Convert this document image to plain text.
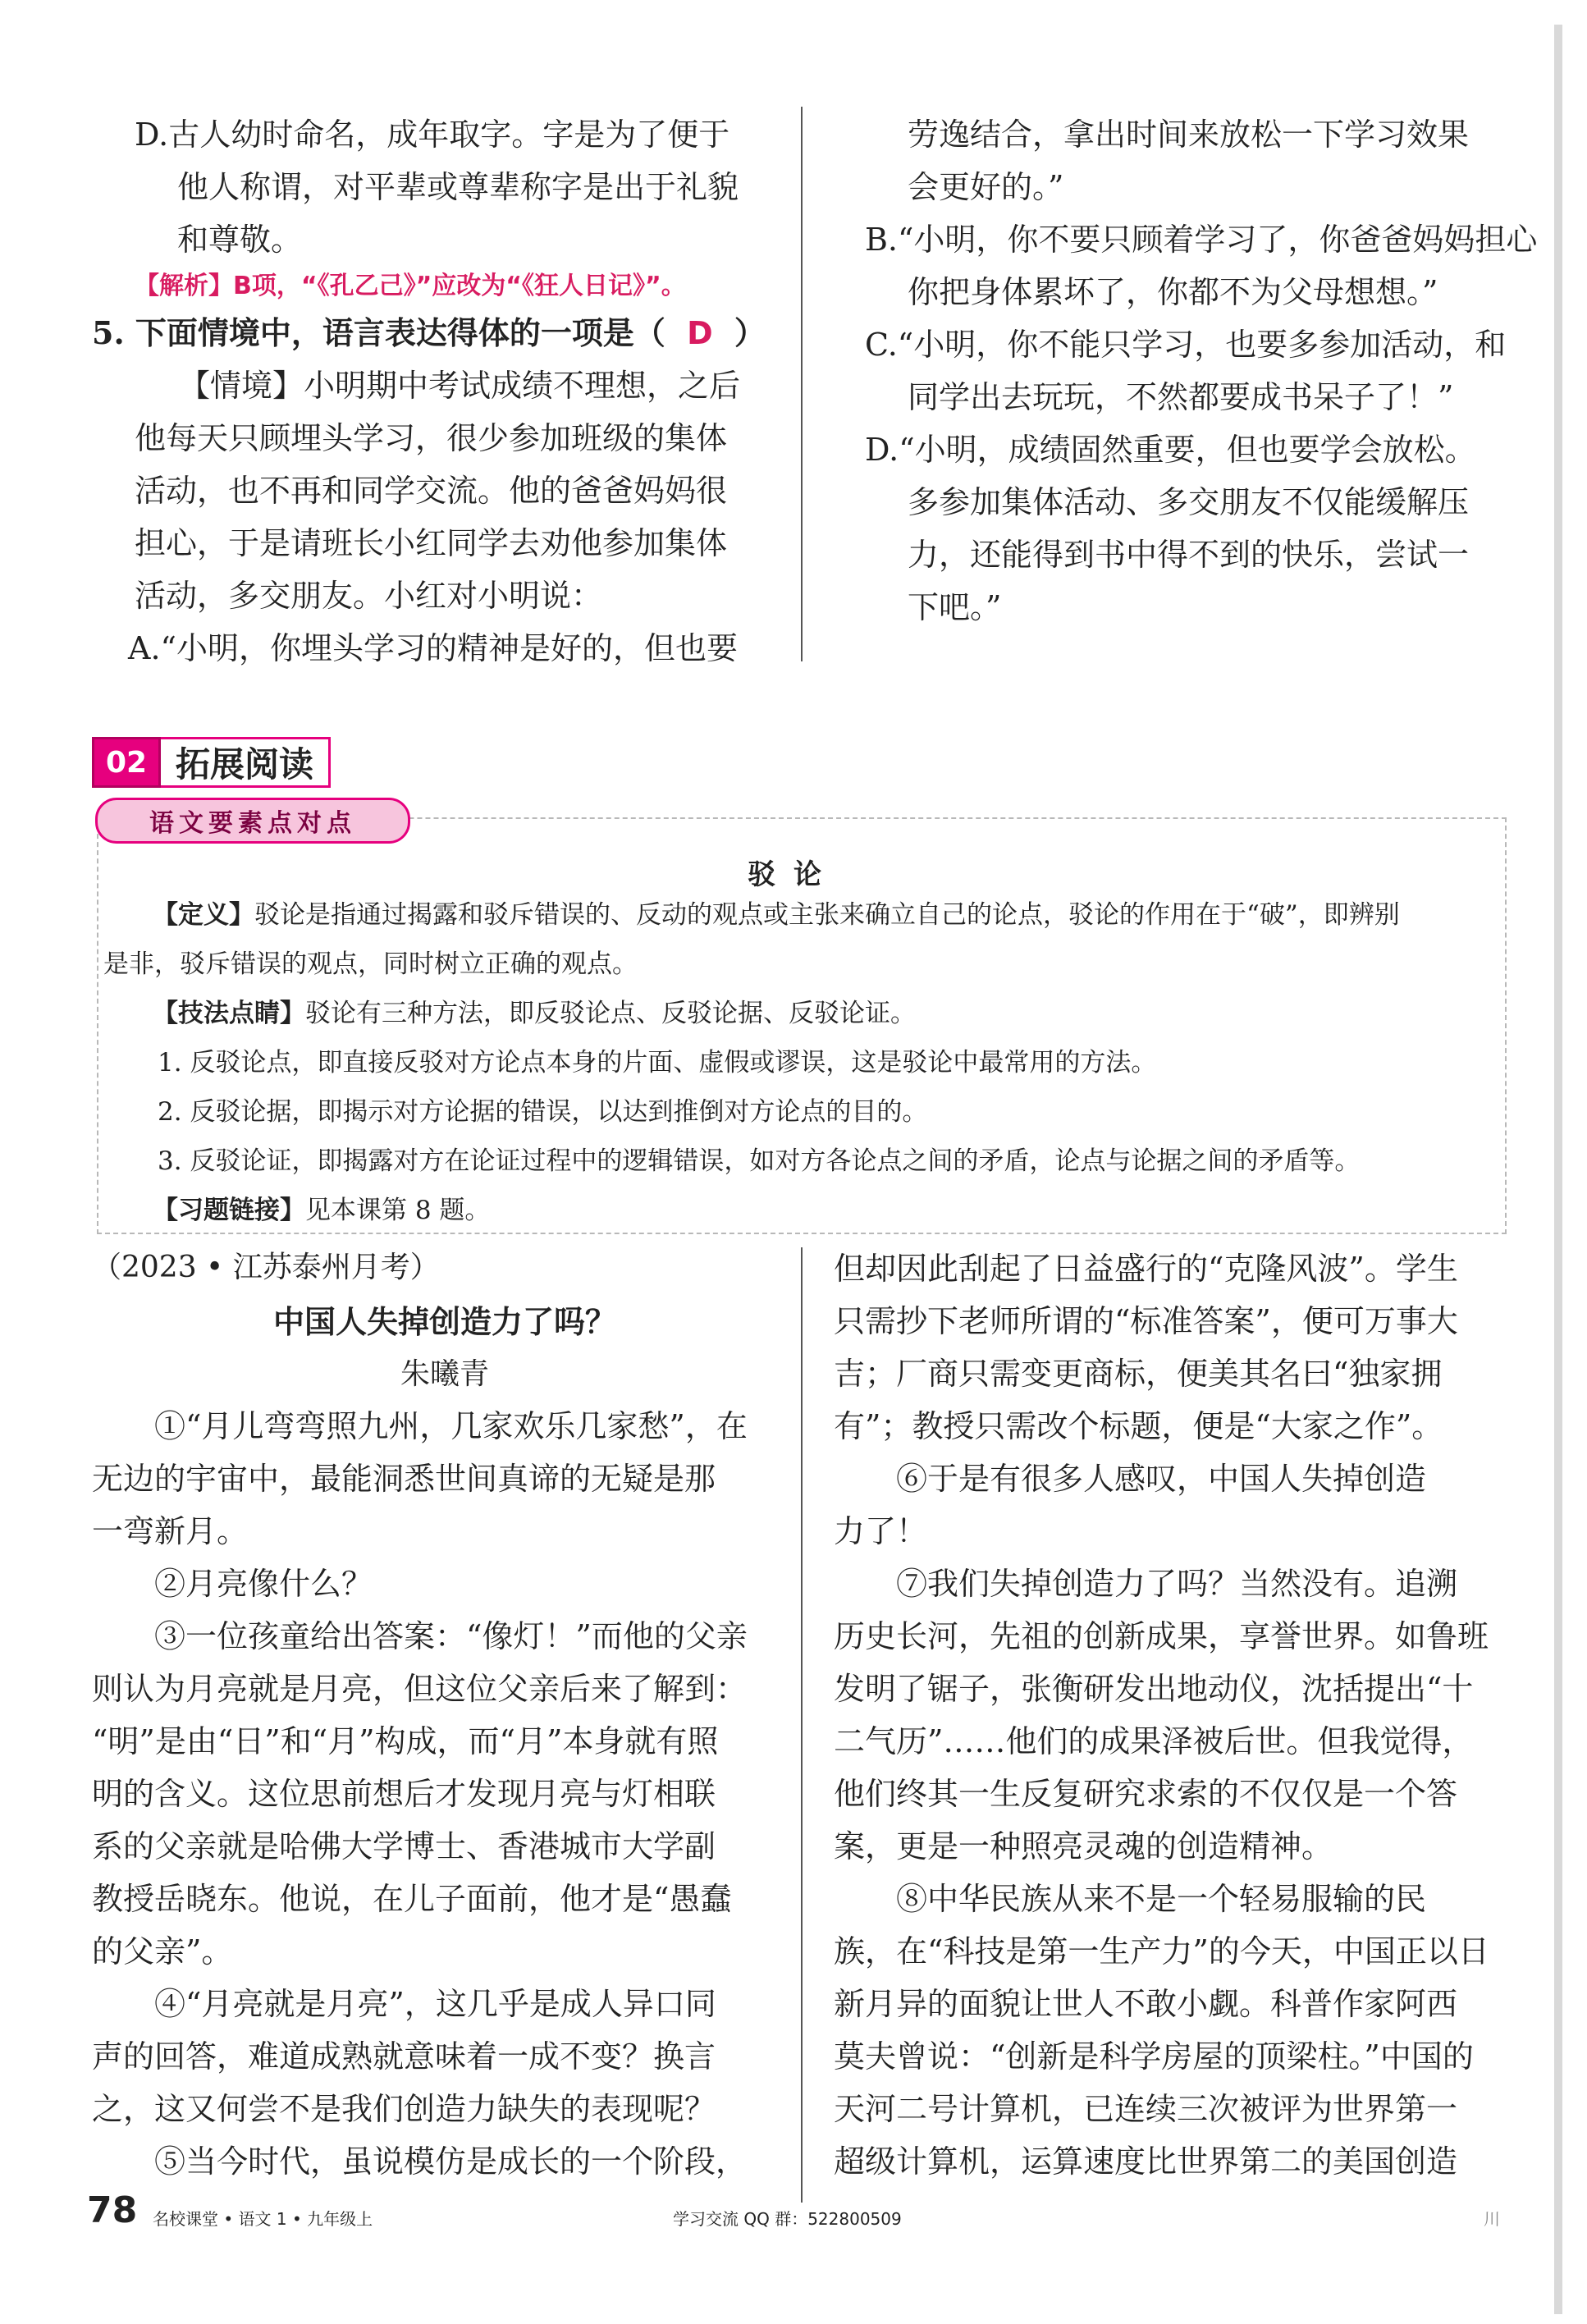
D.古人幼时命名，成年取字。字是为了便于

他人称谓，对平辈或尊辈称字是出于礼貌

和尊敬。

【解析】B项，“《孔乙己》”应改为“《狂人日记》”。

5. 下面情境中，语言表达得体的一项是（ D ）

【情境】小明期中考试成绩不理想，之后

他每天只顾埋头学习，很少参加班级的集体

活动，也不再和同学交流。他的爸爸妈妈很

担心，于是请班长小红同学去劝他参加集体

活动，多交朋友。小红对小明说：

A.“小明，你埋头学习的精神是好的，但也要

劳逸结合，拿出时间来放松一下学习效果

会更好的。”

B.“小明，你不要只顾着学习了，你爸爸妈妈担心

你把身体累坏了，你都不为父母想想。”

C.“小明，你不能只学习，也要多参加活动，和

同学出去玩玩，不然都要成书呆子了！”

D.“小明，成绩固然重要，但也要学会放松。

多参加集体活动、多交朋友不仅能缓解压

力，还能得到书中得不到的快乐，尝试一

下吧。”

02 拓展阅读
语文要素点对点
驳论
【定义】驳论是指通过揭露和驳斥错误的、反动的观点或主张来确立自己的论点，驳论的作用在于“破”，即辨别
是非，驳斥错误的观点，同时树立正确的观点。
【技法点睛】驳论有三种方法，即反驳论点、反驳论据、反驳论证。
1. 反驳论点，即直接反驳对方论点本身的片面、虚假或谬误，这是驳论中最常用的方法。
2. 反驳论据，即揭示对方论据的错误，以达到推倒对方论点的目的。
3. 反驳论证，即揭露对方在论证过程中的逻辑错误，如对方各论点之间的矛盾，论点与论据之间的矛盾等。
【习题链接】见本课第 8 题。
（2023 • 江苏泰州月考）
中国人失掉创造力了吗？
朱曦青

①“月儿弯弯照九州，几家欢乐几家愁”，在

无边的宇宙中，最能洞悉世间真谛的无疑是那

一弯新月。

②月亮像什么？

③一位孩童给出答案：“像灯！”而他的父亲

则认为月亮就是月亮，但这位父亲后来了解到：

“明”是由“日”和“月”构成，而“月”本身就有照

明的含义。这位思前想后才发现月亮与灯相联

系的父亲就是哈佛大学博士、香港城市大学副

教授岳晓东。他说，在儿子面前，他才是“愚蠢

的父亲”。

④“月亮就是月亮”，这几乎是成人异口同

声的回答，难道成熟就意味着一成不变？换言

之，这又何尝不是我们创造力缺失的表现呢？

⑤当今时代，虽说模仿是成长的一个阶段，

但却因此刮起了日益盛行的“克隆风波”。学生

只需抄下老师所谓的“标准答案”，便可万事大

吉；厂商只需变更商标，便美其名曰“独家拥

有”；教授只需改个标题，便是“大家之作”。

⑥于是有很多人感叹，中国人失掉创造

力了！

⑦我们失掉创造力了吗？当然没有。追溯

历史长河，先祖的创新成果，享誉世界。如鲁班

发明了锯子，张衡研发出地动仪，沈括提出“十

二气历”……他们的成果泽被后世。但我觉得，

他们终其一生反复研究求索的不仅仅是一个答

案，更是一种照亮灵魂的创造精神。

⑧中华民族从来不是一个轻易服输的民

族，在“科技是第一生产力”的今天，中国正以日

新月异的面貌让世人不敢小觑。科普作家阿西

莫夫曾说：“创新是科学房屋的顶梁柱。”中国的

天河二号计算机，已连续三次被评为世界第一

超级计算机，运算速度比世界第二的美国创造

78 名校课堂 • 语文 1 • 九年级上	学习交流 QQ 群：522800509	川
